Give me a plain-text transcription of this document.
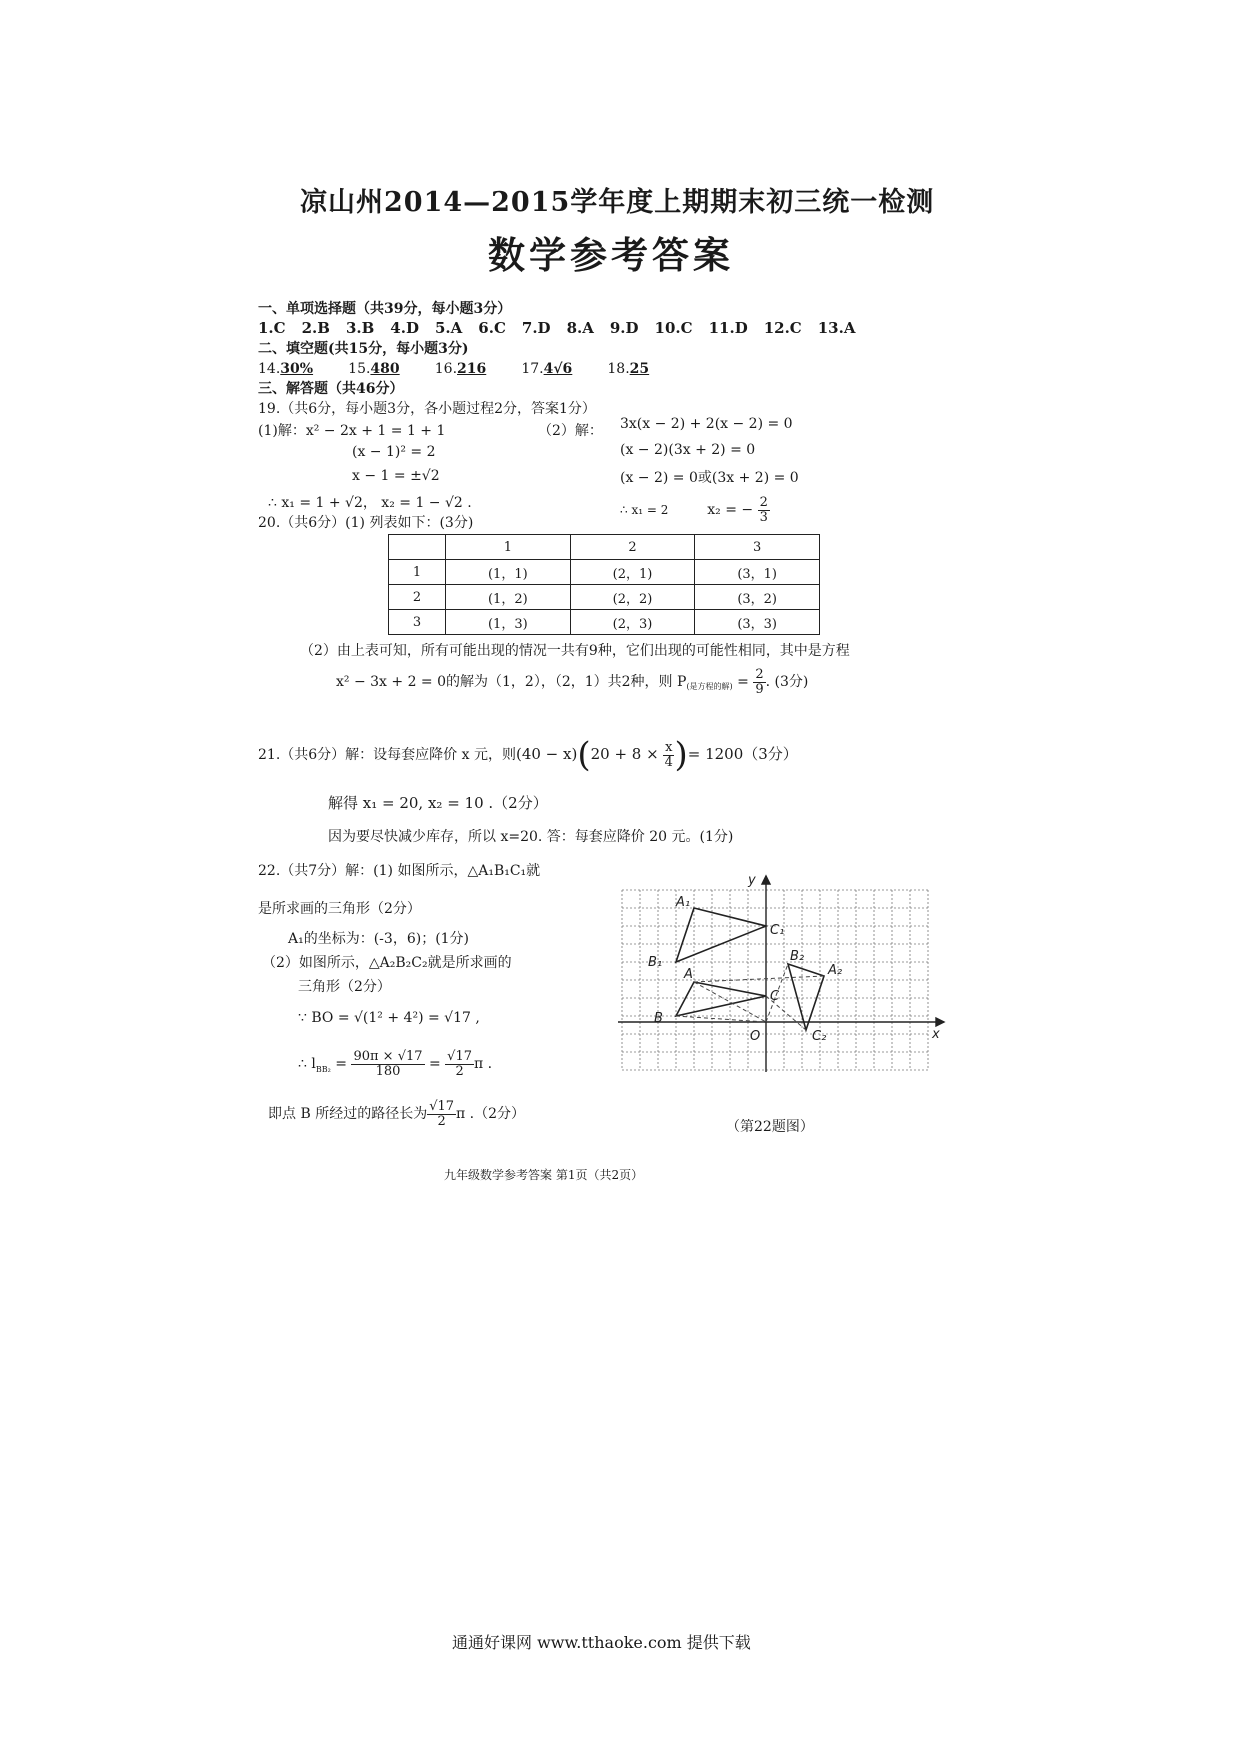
凉山州2014—2015学年度上期期末初三统一检测
数学参考答案
一、单项选择题（共39分，每小题3分）
1.C 2.B 3.B 4.D 5.A 6.C 7.D 8.A 9.D 10.C 11.D 12.C 13.A
二、填空题(共15分，每小题3分)
14.30%	15.480	16.216	17.4√6	18.25
三、解答题（共46分）
19.（共6分，每小题3分，各小题过程2分，答案1分）
(1)解：x² − 2x + 1 = 1 + 1
(x − 1)² = 2
x − 1 = ±√2
∴ x₁ = 1 + √2， x₂ = 1 − √2 .
（2）解： 3x(x − 2) + 2(x − 2) = 0
(x − 2)(3x + 2) = 0
(x − 2) = 0或(3x + 2) = 0
∴ x₁ = 2	x₂ = − $\frac{2}{3}$
20.（共6分）(1) 列表如下：(3分)
	1	2	3
1	(1，1)	(2，1)	(3，1)
2	(1，2)	(2，2)	(3，2)
3	(1，3)	(2，3)	(3，3)
（2）由上表可知，所有可能出现的情况一共有9种，它们出现的可能性相同，其中是方程
x² − 3x + 2 = 0的解为（1，2），（2，1）共2种，则 $P_{(是方程的解)} = \frac{2}{9}$ . (3分)
21.（共6分）解：设每套应降价 x 元，则$(40 - x)(20 + 8 \times \frac{x}{4}$ )= 1200（3分）
解得 x₁ = 20, x₂ = 10 .（2分）
因为要尽快减少库存，所以 x=20. 答：每套应降价 20 元。(1分)
22.（共7分）解：(1) 如图所示，△A₁B₁C₁就
是所求画的三角形（2分）
A₁的坐标为：(-3，6)；(1分)
（2）如图所示，△A₂B₂C₂就是所求画的
三角形（2分）
∵ BO = √(1² + 4²) = √17 ,
∴ $l_{BB_2} = \frac{90\pi \times √17}{180} = \frac{√17}{2}$ π .
即点 B 所经过的路径长为 $\frac{√17}{2}$ π .（2分）
x
y
A₁
B₁
C₁
A
B
C
A₂
B₂
C₂
O
（第22题图）
九年级数学参考答案 第1页（共2页）
通通好课网 www.tthaoke.com 提供下载
